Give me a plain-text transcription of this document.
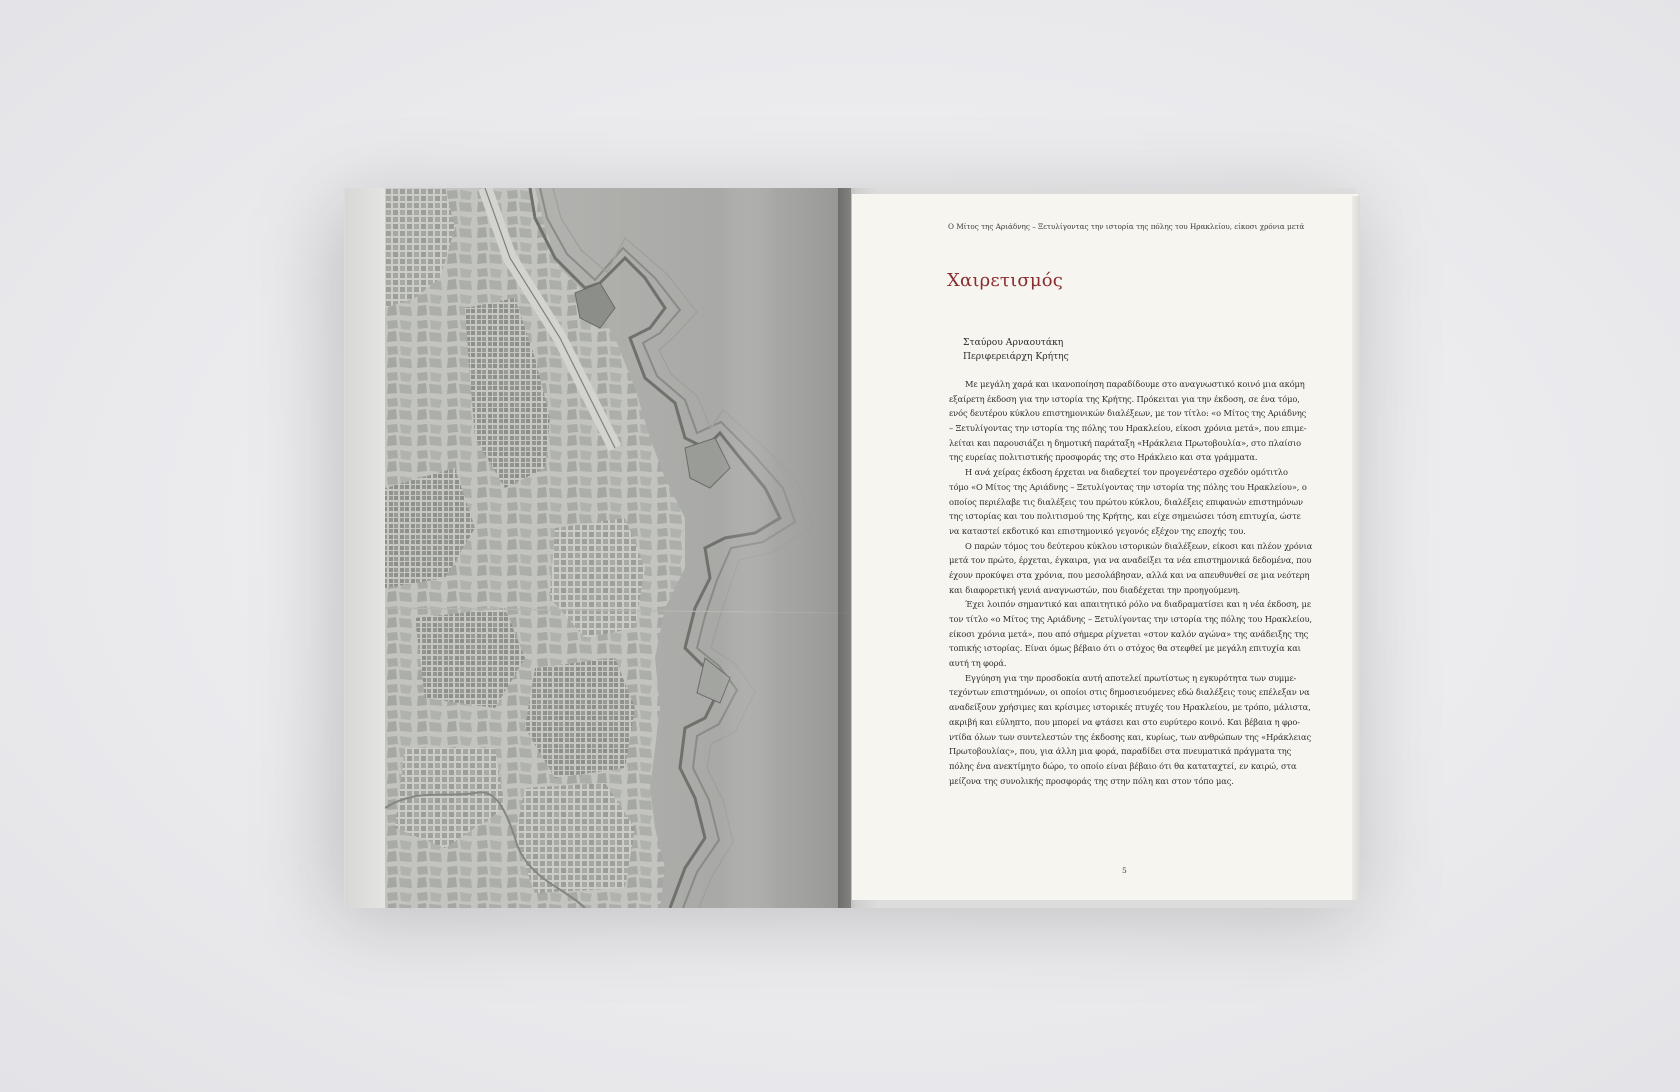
Ο Μίτος της Αριάδνης – Ξετυλίγοντας την ιστορία της πόλης του Ηρακλείου, είκοσι χρόνια μετά
Χαιρετισμός
Σταύρου Αρναουτάκη
Περιφερειάρχη Κρήτης
Με μεγάλη χαρά και ικανοποίηση παραδίδουμε στο αναγνωστικό κοινό μια ακόμη
εξαίρετη έκδοση για την ιστορία της Κρήτης. Πρόκειται για την έκδοση, σε ένα τόμο,
ενός δευτέρου κύκλου επιστημονικών διαλέξεων, με τον τίτλο: «ο Μίτος της Αριάδνης
– Ξετυλίγοντας την ιστορία της πόλης του Ηρακλείου, είκοσι χρόνια μετά», που επιμε-
λείται και παρουσιάζει η δημοτική παράταξη «Ηράκλεια Πρωτοβουλία», στο πλαίσιο
της ευρείας πολιτιστικής προσφοράς της στο Ηράκλειο και στα γράμματα.
Η ανά χείρας έκδοση έρχεται να διαδεχτεί τον προγενέστερο σχεδόν ομότιτλο
τόμο «Ο Μίτος της Αριάδνης – Ξετυλίγοντας την ιστορία της πόλης του Ηρακλείου», ο
οποίος περιέλαβε τις διαλέξεις του πρώτου κύκλου, διαλέξεις επιφανών επιστημόνων
της ιστορίας και του πολιτισμού της Κρήτης, και είχε σημειώσει τόση επιτυχία, ώστε
να καταστεί εκδοτικό και επιστημονικό γεγονός εξέχον της εποχής του.
Ο παρών τόμος του δεύτερου κύκλου ιστορικών διαλέξεων, είκοσι και πλέον χρόνια
μετά τον πρώτο, έρχεται, έγκαιρα, για να αναδείξει τα νέα επιστημονικά δεδομένα, που
έχουν προκύψει στα χρόνια, που μεσολάβησαν, αλλά και να απευθυνθεί σε μια νεότερη
και διαφορετική γενιά αναγνωστών, που διαδέχεται την προηγούμενη.
Έχει λοιπόν σημαντικό και απαιτητικό ρόλο να διαδραματίσει και η νέα έκδοση, με
τον τίτλο «ο Μίτος της Αριάδνης – Ξετυλίγοντας την ιστορία της πόλης του Ηρακλείου,
είκοσι χρόνια μετά», που από σήμερα ρίχνεται «στον καλόν αγώνα» της ανάδειξης της
τοπικής ιστορίας. Είναι όμως βέβαιο ότι ο στόχος θα στεφθεί με μεγάλη επιτυχία και
αυτή τη φορά.
Εγγύηση για την προσδοκία αυτή αποτελεί πρωτίστως η εγκυρότητα των συμμε-
τεχόντων επιστημόνων, οι οποίοι στις δημοσιευόμενες εδώ διαλέξεις τους επέλεξαν να
αναδείξουν χρήσιμες και κρίσιμες ιστορικές πτυχές του Ηρακλείου, με τρόπο, μάλιστα,
ακριβή και εύληπτο, που μπορεί να φτάσει και στο ευρύτερο κοινό. Και βέβαια η φρο-
ντίδα όλων των συντελεστών της έκδοσης και, κυρίως, των ανθρώπων της «Ηράκλειας
Πρωτοβουλίας», που, για άλλη μια φορά, παραδίδει στα πνευματικά πράγματα της
πόλης ένα ανεκτίμητο δώρο, το οποίο είναι βέβαιο ότι θα καταταχτεί, εν καιρώ, στα
μείζονα της συνολικής προσφοράς της στην πόλη και στον τόπο μας.
5
